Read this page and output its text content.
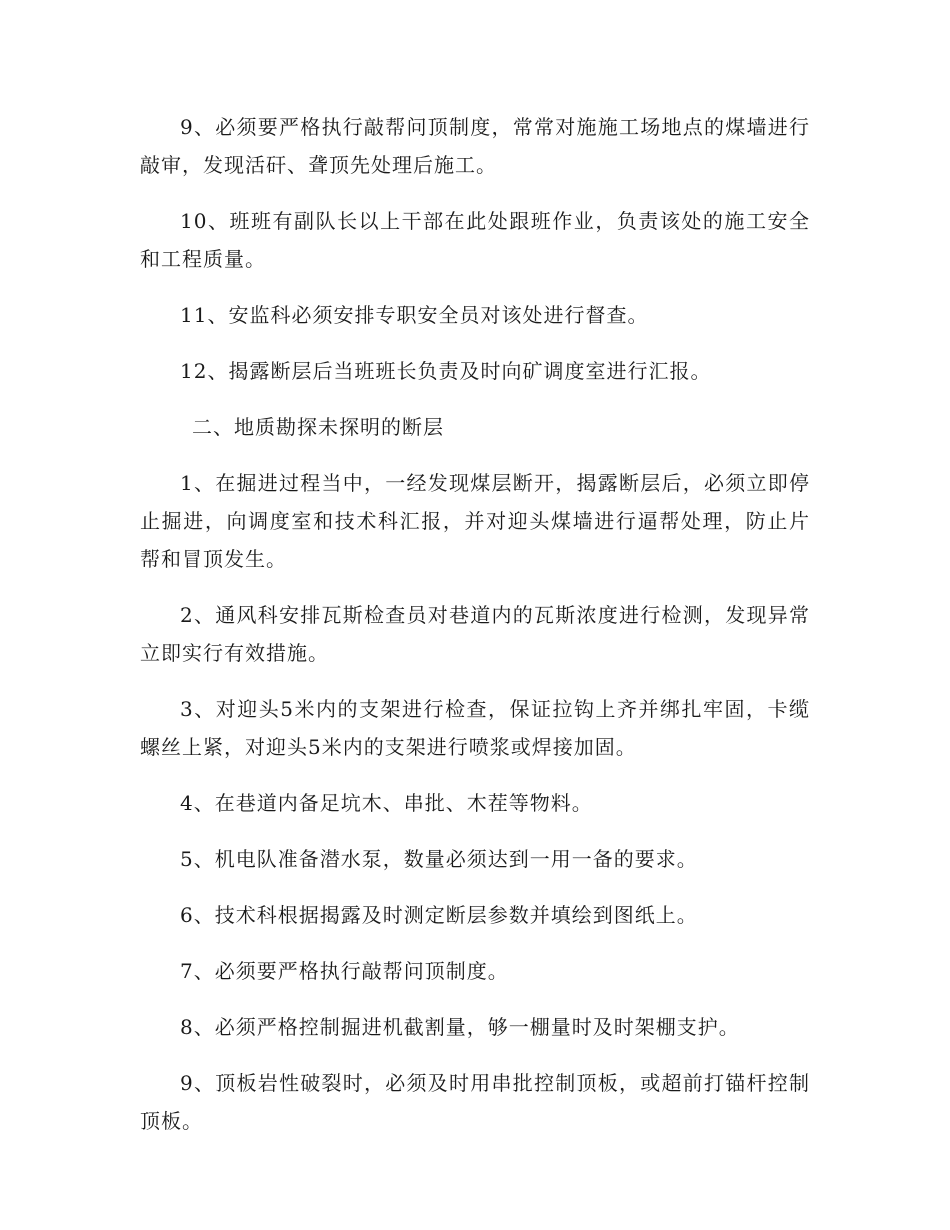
9、必须要严格执行敲帮问顶制度，常常对施施工场地点的煤墙进行敲审，发现活矸、聋顶先处理后施工。

10、班班有副队长以上干部在此处跟班作业，负责该处的施工安全和工程质量。

11、安监科必须安排专职安全员对该处进行督查。

12、揭露断层后当班班长负责及时向矿调度室进行汇报。

二、地质勘探未探明的断层

1、在掘进过程当中，一经发现煤层断开，揭露断层后，必须立即停止掘进，向调度室和技术科汇报，并对迎头煤墙进行逼帮处理，防止片帮和冒顶发生。

2、通风科安排瓦斯检查员对巷道内的瓦斯浓度进行检测，发现异常立即实行有效措施。

3、对迎头5米内的支架进行检查，保证拉钩上齐并绑扎牢固，卡缆螺丝上紧，对迎头5米内的支架进行喷浆或焊接加固。

4、在巷道内备足坑木、串批、木茬等物料。

5、机电队准备潜水泵，数量必须达到一用一备的要求。

6、技术科根据揭露及时测定断层参数并填绘到图纸上。

7、必须要严格执行敲帮问顶制度。

8、必须严格控制掘进机截割量，够一棚量时及时架棚支护。

9、顶板岩性破裂时，必须及时用串批控制顶板，或超前打锚杆控制顶板。
